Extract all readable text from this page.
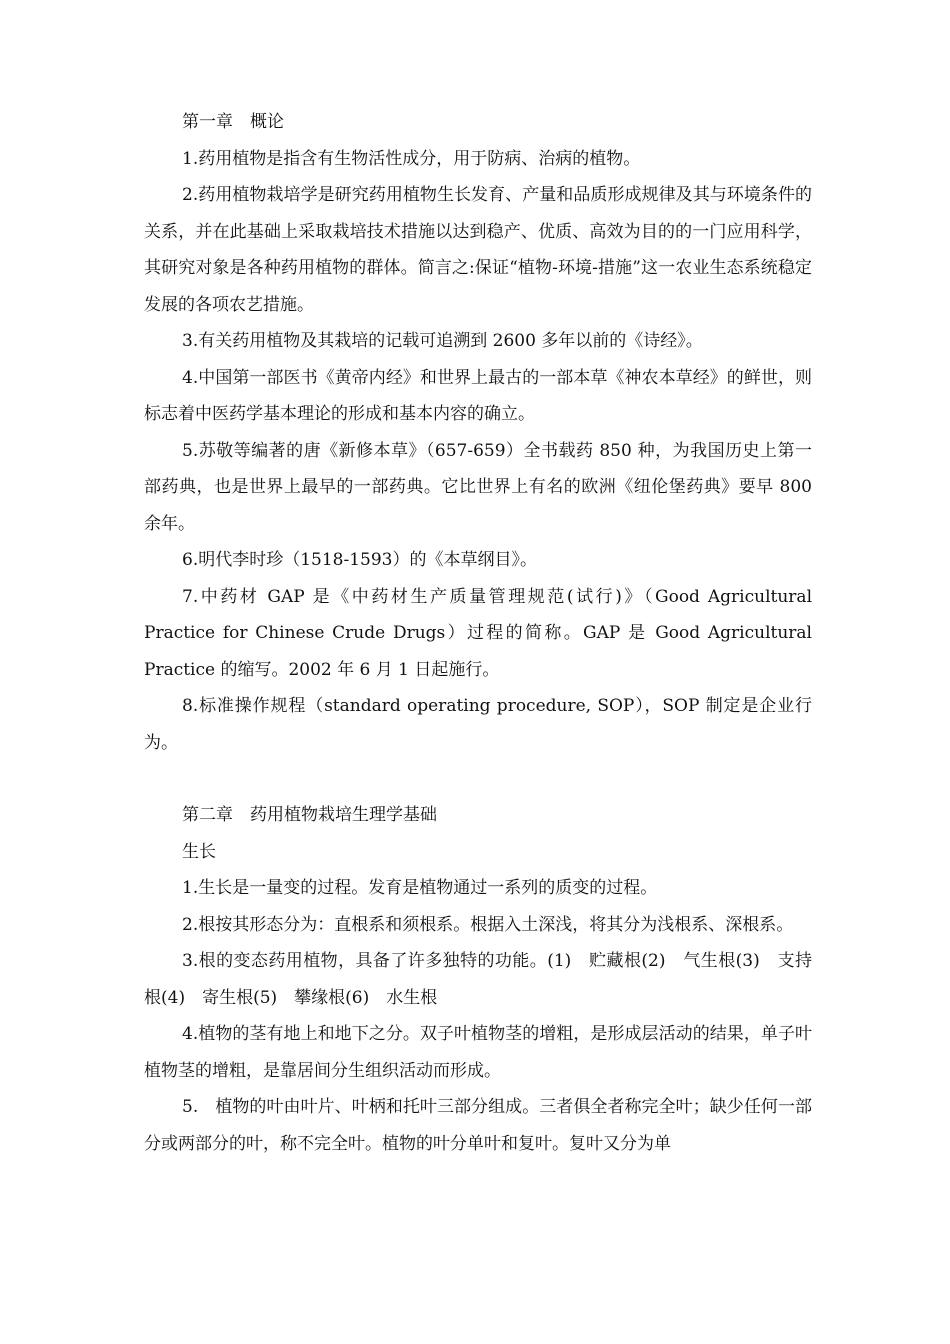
第一章　概论

1.药用植物是指含有生物活性成分，用于防病、治病的植物。

2.药用植物栽培学是研究药用植物生长发育、产量和品质形成规律及其与环境条件的关系，并在此基础上采取栽培技术措施以达到稳产、优质、高效为目的的一门应用科学，其研究对象是各种药用植物的群体。简言之:保证“植物-环境-措施”这一农业生态系统稳定发展的各项农艺措施。

3.有关药用植物及其栽培的记载可追溯到 2600 多年以前的《诗经》。

4.中国第一部医书《黄帝内经》和世界上最古的一部本草《神农本草经》的鲜世，则标志着中医药学基本理论的形成和基本内容的确立。

5.苏敬等编著的唐《新修本草》（657-659）全书载药 850 种，为我国历史上第一部药典，也是世界上最早的一部药典。它比世界上有名的欧洲《纽伦堡药典》要早 800 余年。

6.明代李时珍（1518-1593）的《本草纲目》。

7.中药材 GAP 是《中药材生产质量管理规范(试行)》（Good Agricultural Practice for Chinese Crude Drugs）过程的简称。GAP 是 Good Agricultural Practice 的缩写。2002 年 6 月 1 日起施行。

8.标准操作规程（standard operating procedure, SOP），SOP 制定是企业行为。

第二章　药用植物栽培生理学基础

生长

1.生长是一量变的过程。发育是植物通过一系列的质变的过程。

2.根按其形态分为：直根系和须根系。根据入土深浅，将其分为浅根系、深根系。

3.根的变态药用植物，具备了许多独特的功能。(1)　贮藏根(2)　气生根(3)　支持根(4)　寄生根(5)　攀缘根(6)　水生根

4.植物的茎有地上和地下之分。双子叶植物茎的增粗，是形成层活动的结果，单子叶植物茎的增粗，是靠居间分生组织活动而形成。

5.　植物的叶由叶片、叶柄和托叶三部分组成。三者俱全者称完全叶；缺少任何一部分或两部分的叶，称不完全叶。植物的叶分单叶和复叶。复叶又分为单
